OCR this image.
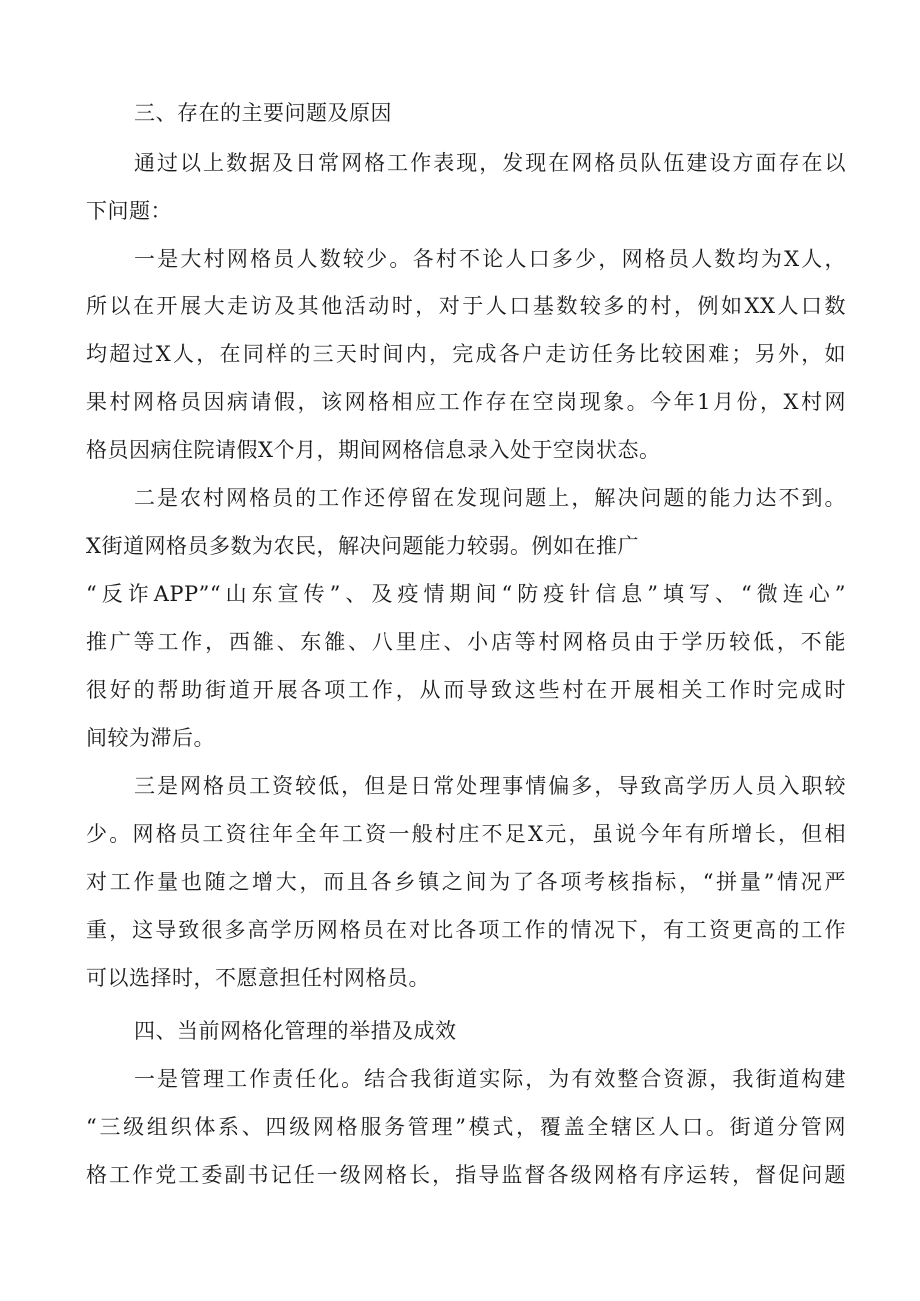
三、存在的主要问题及原因
通过以上数据及日常网格工作表现，发现在网格员队伍建设方面存在以
下问题：
一是大村网格员人数较少。各村不论人口多少，网格员人数均为X人，
所以在开展大走访及其他活动时，对于人口基数较多的村，例如XX人口数
均超过X人，在同样的三天时间内，完成各户走访任务比较困难；另外，如
果村网格员因病请假，该网格相应工作存在空岗现象。今年1月份，X村网
格员因病住院请假X个月，期间网格信息录入处于空岗状态。
二是农村网格员的工作还停留在发现问题上，解决问题的能力达不到。
X街道网格员多数为农民，解决问题能力较弱。例如在推广
“反诈APP”“山东宣传”、及疫情期间“防疫针信息”填写、“微连心”
推广等工作，西雒、东雒、八里庄、小店等村网格员由于学历较低，不能
很好的帮助街道开展各项工作，从而导致这些村在开展相关工作时完成时
间较为滞后。
三是网格员工资较低，但是日常处理事情偏多，导致高学历人员入职较
少。网格员工资往年全年工资一般村庄不足X元，虽说今年有所增长，但相
对工作量也随之增大，而且各乡镇之间为了各项考核指标，“拼量”情况严
重，这导致很多高学历网格员在对比各项工作的情况下，有工资更高的工作
可以选择时，不愿意担任村网格员。
四、当前网格化管理的举措及成效
一是管理工作责任化。结合我街道实际，为有效整合资源，我街道构建
“三级组织体系、四级网格服务管理”模式，覆盖全辖区人口。街道分管网
格工作党工委副书记任一级网格长，指导监督各级网格有序运转，督促问题
